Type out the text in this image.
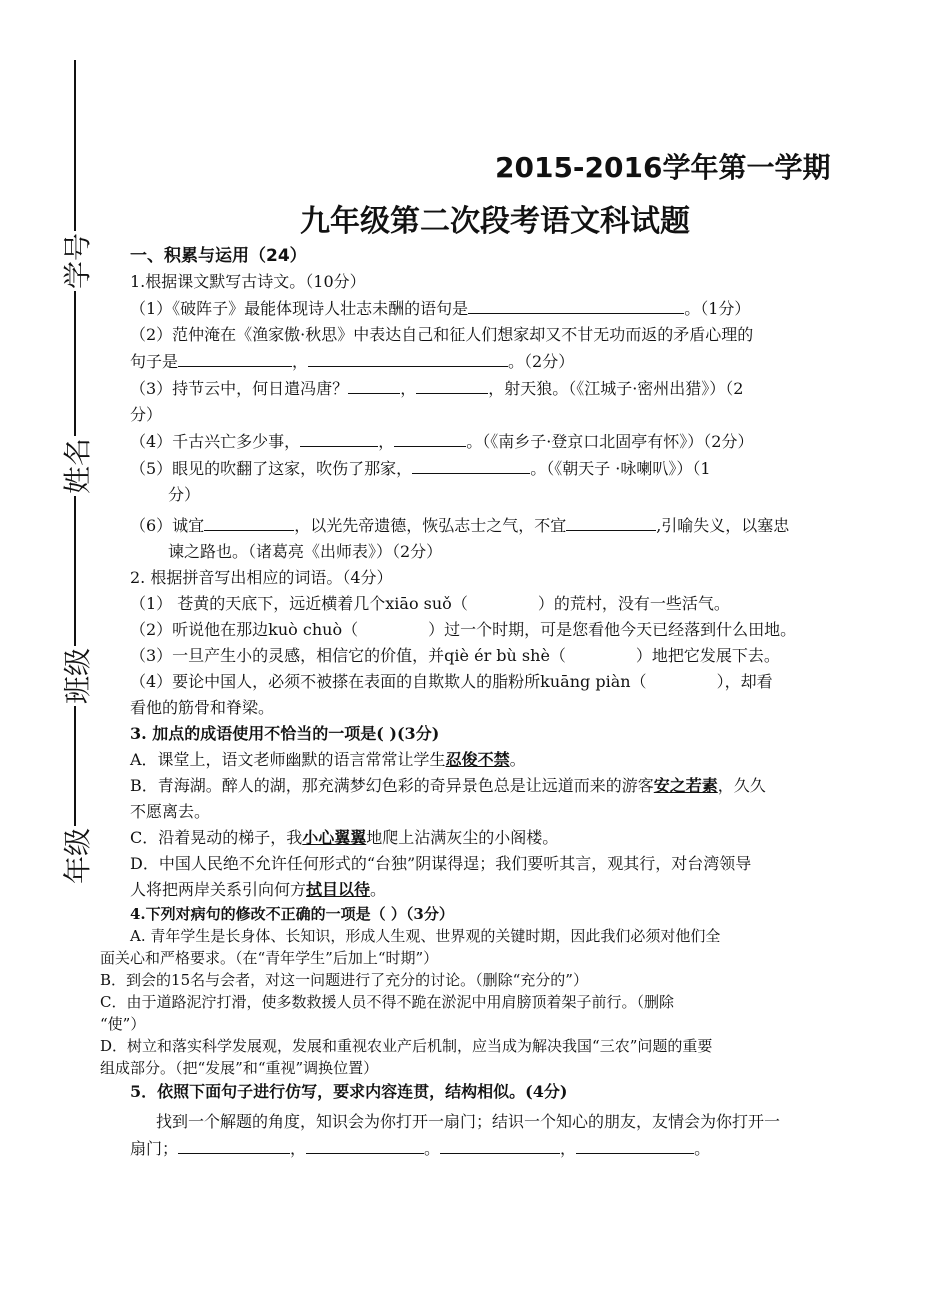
学号
姓名
班级
年级
2015-2016学年第一学期
九年级第二次段考语文科试题
一、积累与运用（24）
1.根据课文默写古诗文。（10分）
（1）《破阵子》最能体现诗人壮志未酬的语句是	。（1分）
（2）范仲淹在《渔家傲·秋思》中表达自己和征人们想家却又不甘无功而返的矛盾心理的
句子是	，	。（2分）
（3）持节云中，何日遣冯唐？	，	，射天狼。（《江城子·密州出猎》）（2
分）
（4）千古兴亡多少事，	，	。（《南乡子·登京口北固亭有怀》）（2分）
（5）眼见的吹翻了这家，吹伤了那家，	。（《朝天子 ·咏喇叭》）（1
分）
（6）诚宜	，以光先帝遗德，恢弘志士之气，不宜	,引喻失义，以塞忠
谏之路也。（诸葛亮《出师表》）（2分）
2. 根据拼音写出相应的词语。（4分）
（1） 苍黄的天底下，远近横着几个xiāo suǒ（	）的荒村，没有一些活气。
（2）听说他在那边kuò chuò（	）过一个时期，可是您看他今天已经落到什么田地。
（3）一旦产生小的灵感，相信它的价值，并qiè ér bù shè（	）地把它发展下去。
（4）要论中国人，必须不被搽在表面的自欺欺人的脂粉所kuāng piàn（	），却看
看他的筋骨和脊梁。
3. 加点的成语使用不恰当的一项是( )(3分)
A．课堂上，语文老师幽默的语言常常让学生忍俊不禁。
B．青海湖。醉人的湖，那充满梦幻色彩的奇异景色总是让远道而来的游客安之若素，久久
不愿离去。
C．沿着晃动的梯子，我小心翼翼地爬上沾满灰尘的小阁楼。
D．中国人民绝不允许任何形式的“台独”阴谋得逞；我们要听其言，观其行，对台湾领导
人将把两岸关系引向何方拭目以待。
4.下列对病句的修改不正确的一项是（ ）（3分）
A. 青年学生是长身体、长知识，形成人生观、世界观的关键时期，因此我们必须对他们全
面关心和严格要求。（在“青年学生”后加上“时期”）
B．到会的15名与会者，对这一问题进行了充分的讨论。（删除“充分的”）
C．由于道路泥泞打滑，使多数救援人员不得不跪在淤泥中用肩膀顶着架子前行。（删除
“使”）
D．树立和落实科学发展观，发展和重视农业产后机制，应当成为解决我国“三农”问题的重要
组成部分。（把“发展”和“重视”调换位置）
5．依照下面句子进行仿写，要求内容连贯，结构相似。(4分)
找到一个解题的角度，知识会为你打开一扇门；结识一个知心的朋友，友情会为你打开一
扇门；	，	。	，	。
